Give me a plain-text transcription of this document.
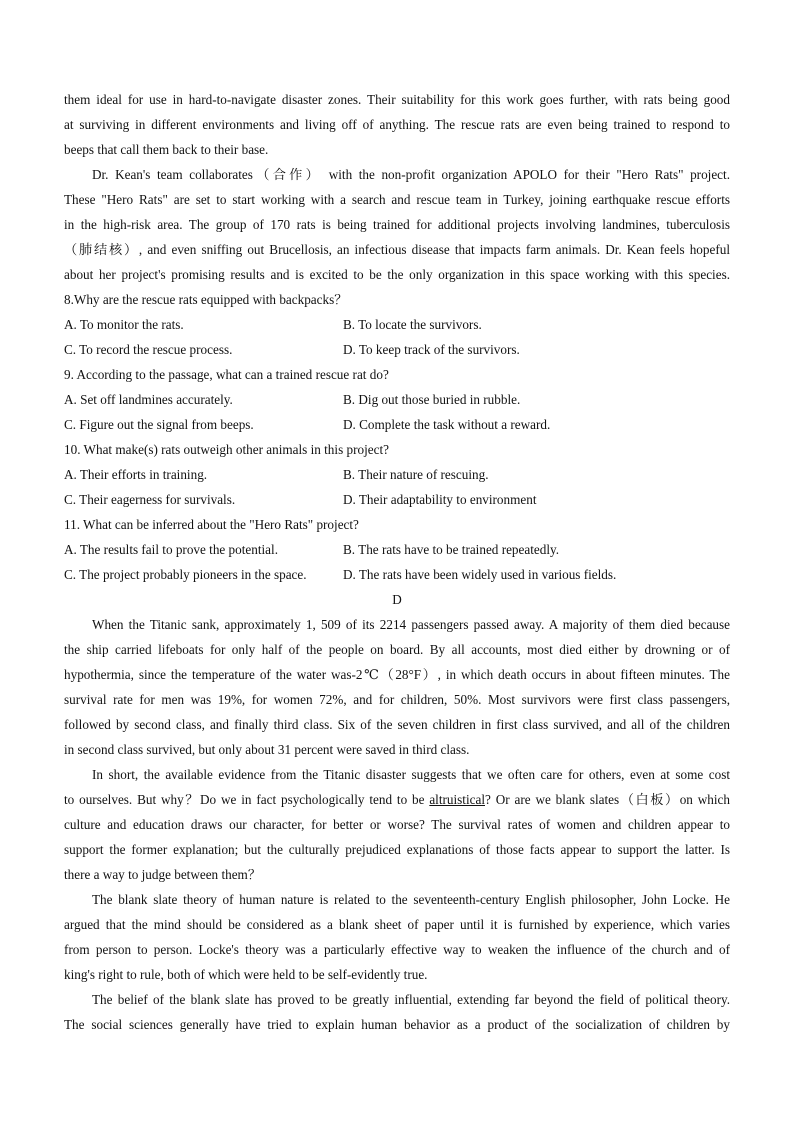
them ideal for use in hard-to-navigate disaster zones. Their suitability for this work goes further, with rats being good
at surviving in different environments and living off of anything. The rescue rats are even being trained to respond to
beeps that call them back to their base.
Dr. Kean's team collaborates（合作） with the non-profit organization APOLO for their "Hero Rats" project.
These "Hero Rats" are set to start working with a search and rescue team in Turkey, joining earthquake rescue efforts
in the high-risk area. The group of 170 rats is being trained for additional projects involving landmines, tuberculosis
（肺结核）, and even sniffing out Brucellosis, an infectious disease that impacts farm animals. Dr. Kean feels hopeful
about her project's promising results and is excited to be the only organization in this space working with this species.
8.Why are the rescue rats equipped with backpacks？
A. To monitor the rats.	B. To locate the survivors.
C. To record the rescue process.	D. To keep track of the survivors.
9. According to the passage, what can a trained rescue rat do?
A. Set off landmines accurately.	B. Dig out those buried in rubble.
C. Figure out the signal from beeps.	D. Complete the task without a reward.
10. What make(s) rats outweigh other animals in this project?
A. Their efforts in training.	B. Their nature of rescuing.
C. Their eagerness for survivals.	D. Their adaptability to environment
11. What can be inferred about the "Hero Rats" project?
A. The results fail to prove the potential.	B. The rats have to be trained repeatedly.
C. The project probably pioneers in the space.	D. The rats have been widely used in various fields.
D
When the Titanic sank, approximately 1, 509 of its 2214 passengers passed away. A majority of them died because
the ship carried lifeboats for only half of the people on board. By all accounts, most died either by drowning or of
hypothermia, since the temperature of the water was-2℃（28°F）, in which death occurs in about fifteen minutes. The
survival rate for men was 19%, for women 72%, and for children, 50%. Most survivors were first class passengers,
followed by second class, and finally third class. Six of the seven children in first class survived, and all of the children
in second class survived, but only about 31 percent were saved in third class.
In short, the available evidence from the Titanic disaster suggests that we often care for others, even at some cost
to ourselves. But why？Do we in fact psychologically tend to be altruistical? Or are we blank slates（白板）on which
culture and education draws our character, for better or worse? The survival rates of women and children appear to
support the former explanation; but the culturally prejudiced explanations of those facts appear to support the latter. Is
there a way to judge between them？
The blank slate theory of human nature is related to the seventeenth-century English philosopher, John Locke. He
argued that the mind should be considered as a blank sheet of paper until it is furnished by experience, which varies
from person to person. Locke's theory was a particularly effective way to weaken the influence of the church and of
king's right to rule, both of which were held to be self-evidently true.
The belief of the blank slate has proved to be greatly influential, extending far beyond the field of political theory.
The social sciences generally have tried to explain human behavior as a product of the socialization of children by
